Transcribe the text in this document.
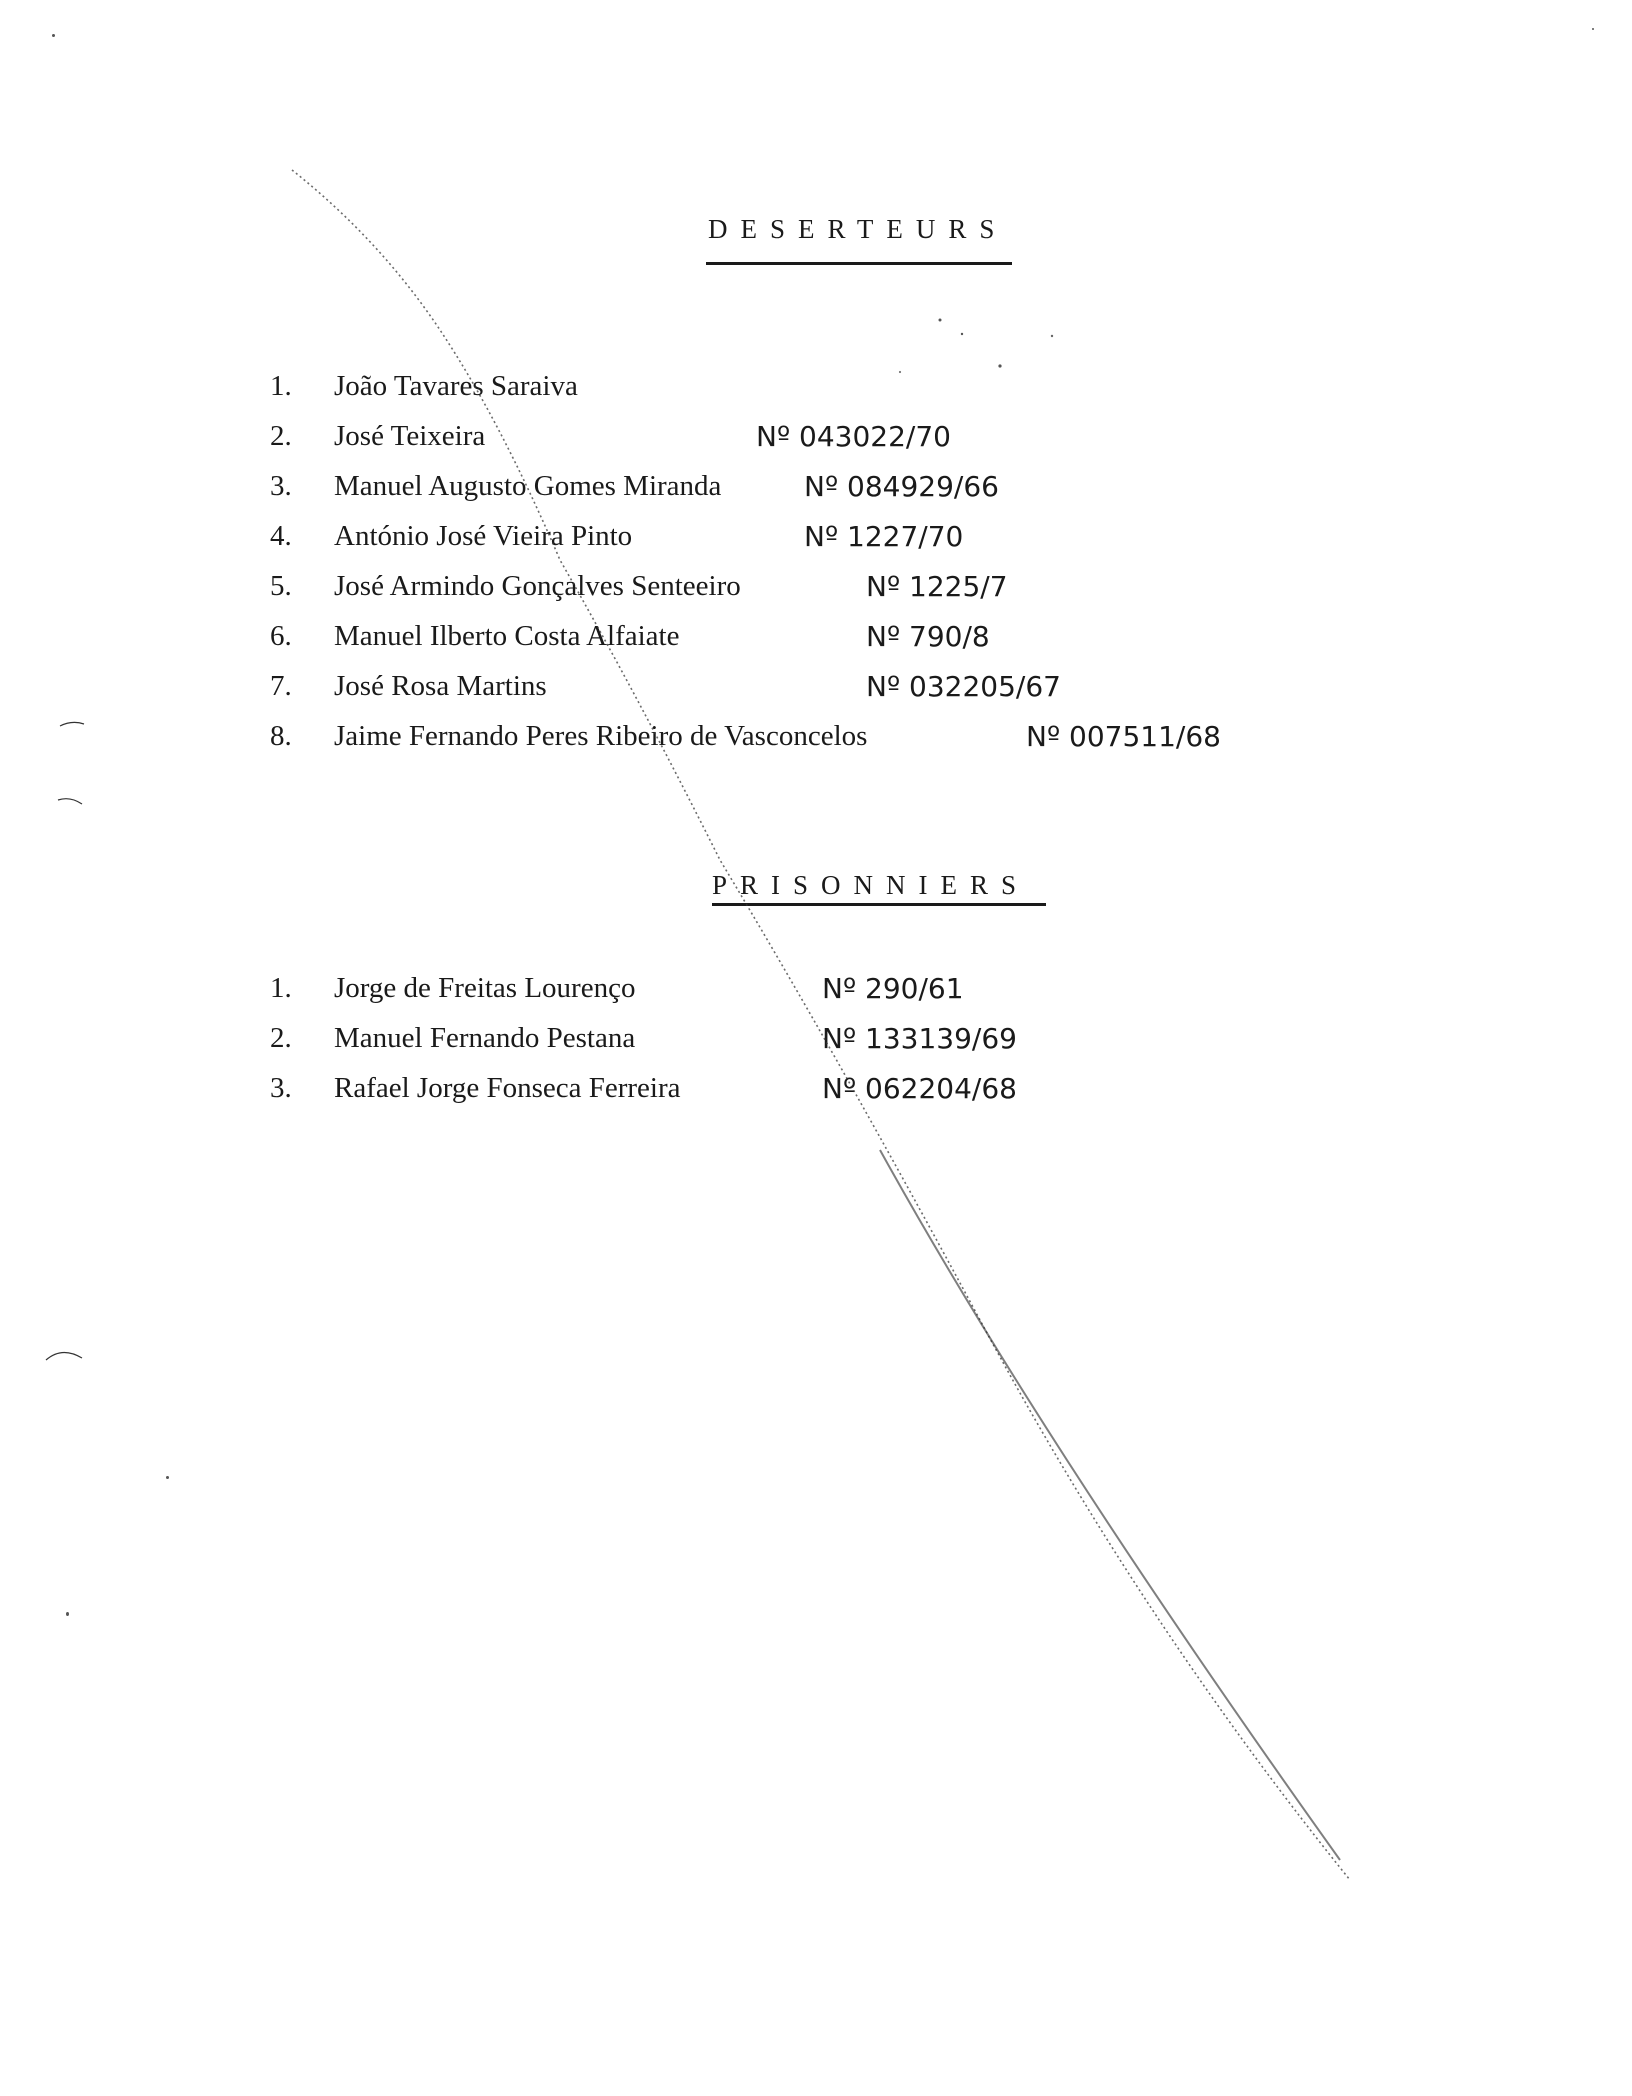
DESERTEURS
1. João Tavares Saraiva
2. José Teixeira	Nº 043022/70
3. Manuel Augusto Gomes Miranda	Nº 084929/66
4. António José Vieira Pinto	Nº 1227/70
5. José Armindo Gonçalves Senteeiro	Nº 1225/7
6. Manuel Ilberto Costa Alfaiate	Nº 790/8
7. José Rosa Martins	Nº 032205/67
8. Jaime Fernando Peres Ribeiro de Vasconcelos	Nº 007511/68
PRISONNIERS
1. Jorge de Freitas Lourenço	Nº 290/61
2. Manuel Fernando Pestana	Nº 133139/69
3. Rafael Jorge Fonseca Ferreira	Nº 062204/68
